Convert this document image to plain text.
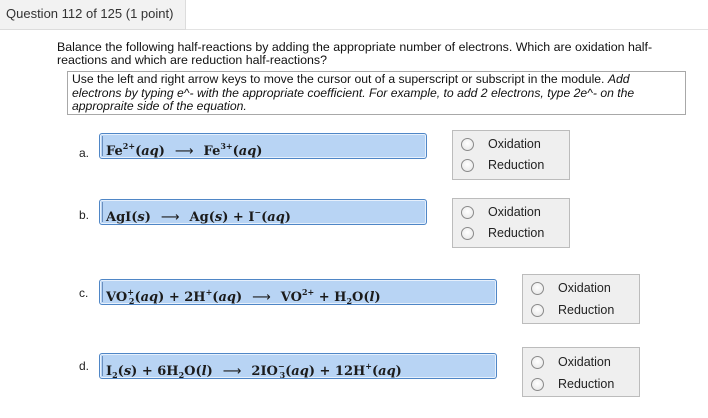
Question 112 of 125 (1 point)
Balance the following half-reactions by adding the appropriate number of electrons. Which are oxidation half-reactions and which are reduction half-reactions?
Use the left and right arrow keys to move the cursor out of a superscript or subscript in the module. Add electrons by typing e^- with the appropriate coefficient. For example, to add 2 electrons, type 2e^- on the appropraite side of the equation.
a.	$Fe^{2+}(aq)$ ⟶ $Fe^{3+}(aq)$	Oxidation
Reduction
b.	AgI(s) ⟶ Ag(s) + I−(aq)	Oxidation
Reduction
c.	$VO^+_2(aq) + 2H^+(aq)$ ⟶ $VO^{2+} + H_2O(l)$
Oxidation
Reduction
d.	$I_2(s) + 6H_2O(l)$ ⟶ $2IO^-_3(aq) + 12H^+(aq)$
Oxidation
Reduction
